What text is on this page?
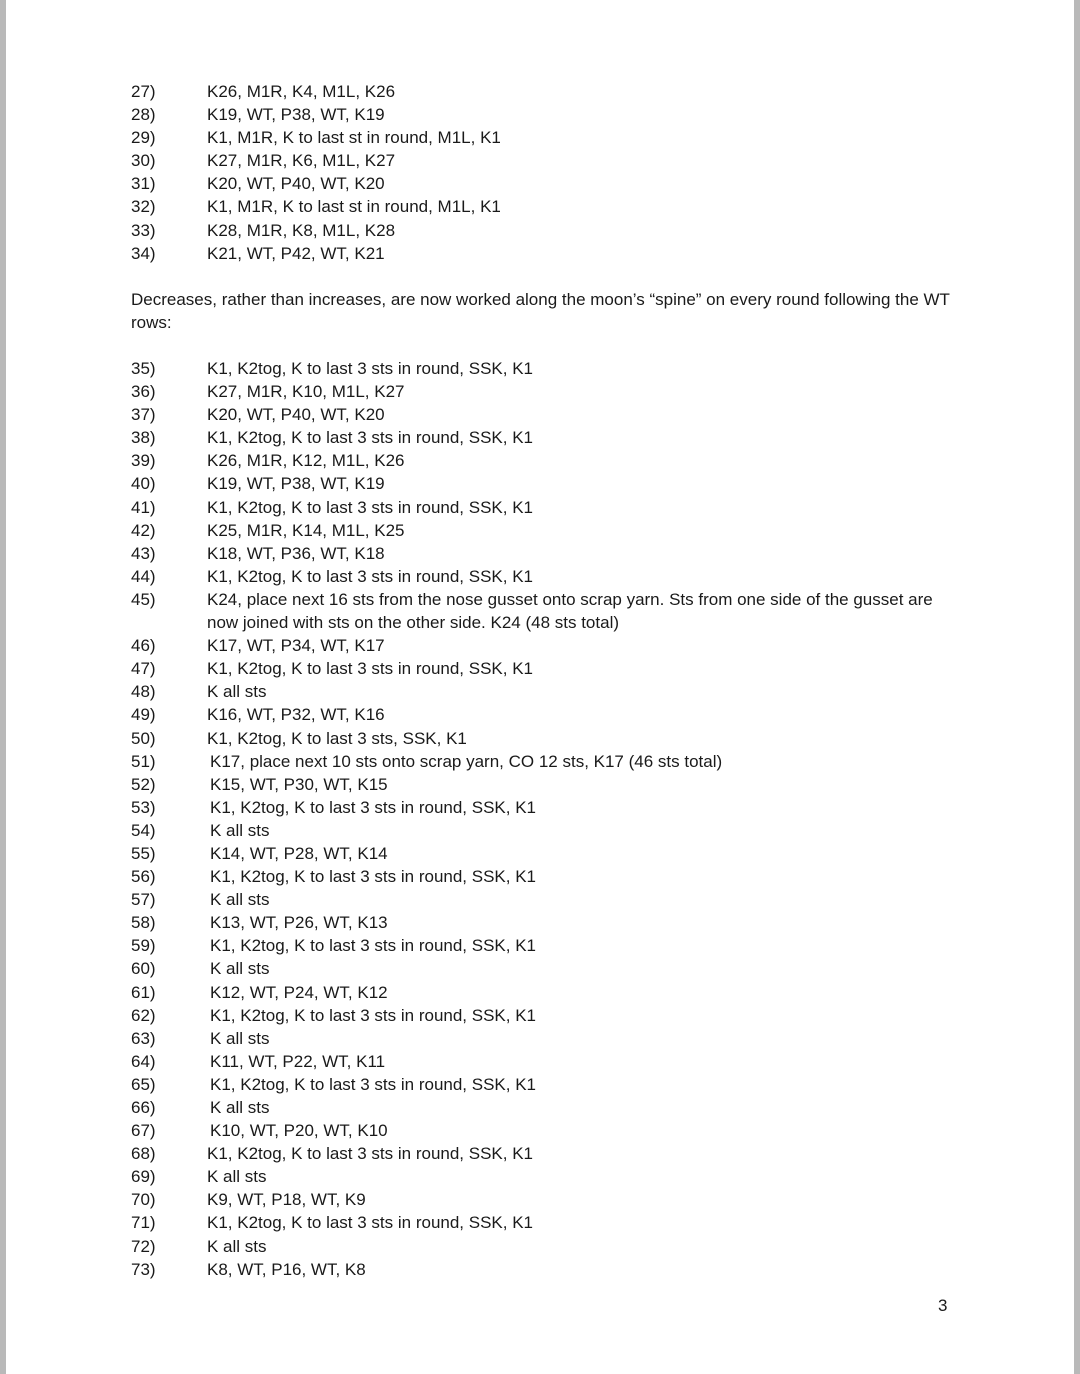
27)	K26, M1R, K4, M1L, K26
28)	K19, WT, P38, WT, K19
29)	K1, M1R, K to last st in round, M1L, K1
30)	K27, M1R, K6, M1L, K27
31)	K20, WT, P40, WT, K20
32)	K1, M1R, K to last st in round, M1L, K1
33)	K28, M1R, K8, M1L, K28
34)	K21, WT, P42, WT, K21
Decreases, rather than increases, are now worked along the moon’s “spine” on every round following the WT rows:
35)	K1, K2tog, K to last 3 sts in round, SSK, K1
36)	K27, M1R, K10, M1L, K27
37)	K20, WT, P40, WT, K20
38)	K1, K2tog, K to last 3 sts in round, SSK, K1
39)	K26, M1R, K12, M1L, K26
40)	K19, WT, P38, WT, K19
41)	K1, K2tog, K to last 3 sts in round, SSK, K1
42)	K25, M1R, K14, M1L, K25
43)	K18, WT, P36, WT, K18
44)	K1, K2tog, K to last 3 sts in round, SSK, K1
45)	K24, place next 16 sts from the nose gusset onto scrap yarn. Sts from one side of the gusset are now joined with sts on the other side. K24 (48 sts total)
46)	K17, WT, P34, WT, K17
47)	K1, K2tog, K to last 3 sts in round, SSK, K1
48)	K all sts
49)	K16, WT, P32, WT, K16
50)	K1, K2tog, K to last 3 sts, SSK, K1
51)	K17, place next 10 sts onto scrap yarn, CO 12 sts, K17 (46 sts total)
52)	K15, WT, P30, WT, K15
53)	K1, K2tog, K to last 3 sts in round, SSK, K1
54)	K all sts
55)	K14, WT, P28, WT, K14
56)	K1, K2tog, K to last 3 sts in round, SSK, K1
57)	K all sts
58)	K13, WT, P26, WT, K13
59)	K1, K2tog, K to last 3 sts in round, SSK, K1
60)	K all sts
61)	K12, WT, P24, WT, K12
62)	K1, K2tog, K to last 3 sts in round, SSK, K1
63)	K all sts
64)	K11, WT, P22, WT, K11
65)	K1, K2tog, K to last 3 sts in round, SSK, K1
66)	K all sts
67)	K10, WT, P20, WT, K10
68)	K1, K2tog, K to last 3 sts in round, SSK, K1
69)	K all sts
70)	K9, WT, P18, WT, K9
71)	K1, K2tog, K to last 3 sts in round, SSK, K1
72)	K all sts
73)	K8, WT, P16, WT, K8
3
